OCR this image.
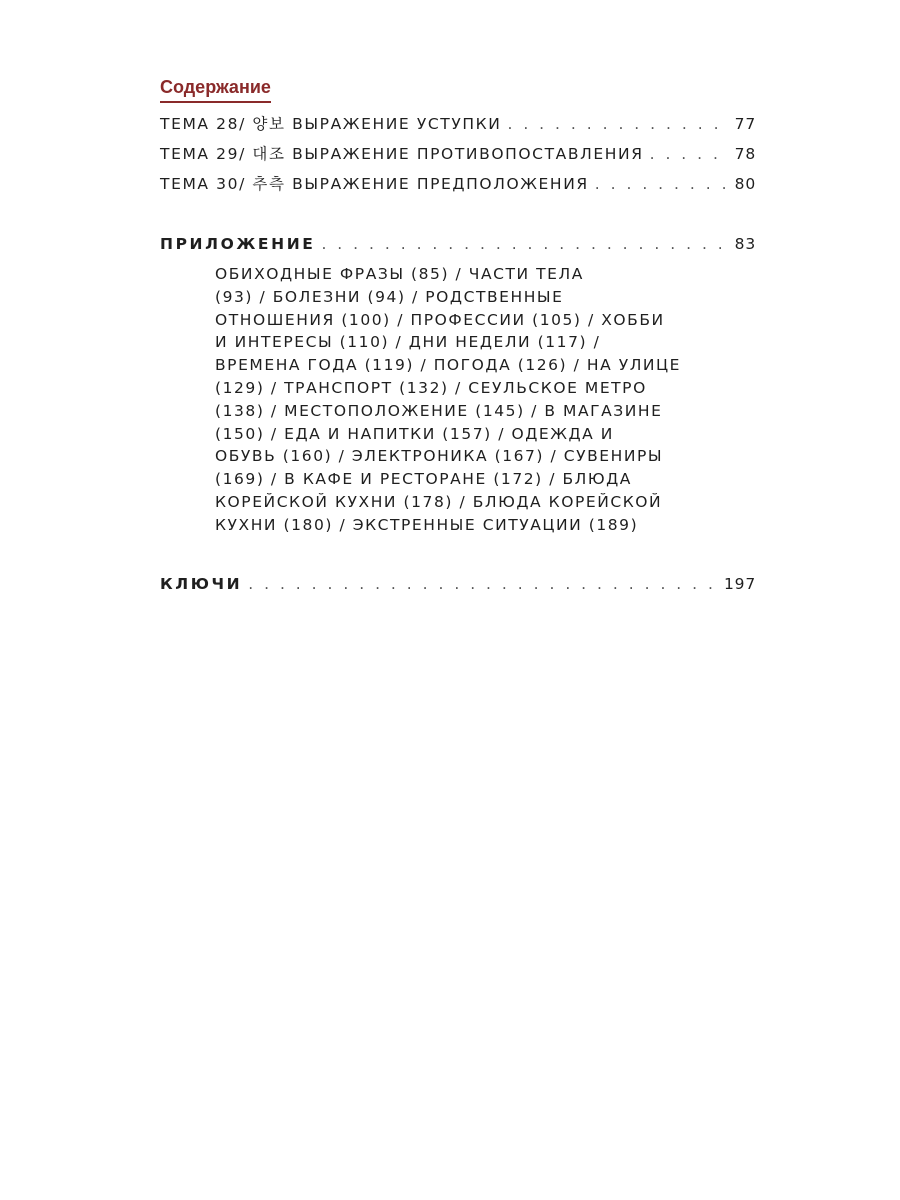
Содержание
ТЕМА 28/ 양보 ВЫРАЖЕНИЕ УСТУПКИ . . .	77
ТЕМА 29/ 대조 ВЫРАЖЕНИЕ ПРОТИВОПОСТАВЛЕНИЯ . . .	78
ТЕМА 30/ 추측 ВЫРАЖЕНИЕ ПРЕДПОЛОЖЕНИЯ . . .	80
ПРИЛОЖЕНИЕ . . .	83
ОБИХОДНЫЕ ФРАЗЫ (85) / ЧАСТИ ТЕЛА
(93) / БОЛЕЗНИ (94) / РОДСТВЕННЫЕ
ОТНОШЕНИЯ (100) / ПРОФЕССИИ (105) / ХОББИ
И ИНТЕРЕСЫ (110) / ДНИ НЕДЕЛИ (117) /
ВРЕМЕНА ГОДА (119) / ПОГОДА (126) / НА УЛИЦЕ
(129) / ТРАНСПОРТ (132) / СЕУЛЬСКОЕ МЕТРО
(138) / МЕСТОПОЛОЖЕНИЕ (145) / В МАГАЗИНЕ
(150) / ЕДА И НАПИТКИ (157) / ОДЕЖДА И
ОБУВЬ (160) / ЭЛЕКТРОНИКА (167) / СУВЕНИРЫ
(169) / В КАФЕ И РЕСТОРАНЕ (172) / БЛЮДА
КОРЕЙСКОЙ КУХНИ (178) / БЛЮДА КОРЕЙСКОЙ
КУХНИ (180) / ЭКСТРЕННЫЕ СИТУАЦИИ (189)
КЛЮЧИ . . .	197
